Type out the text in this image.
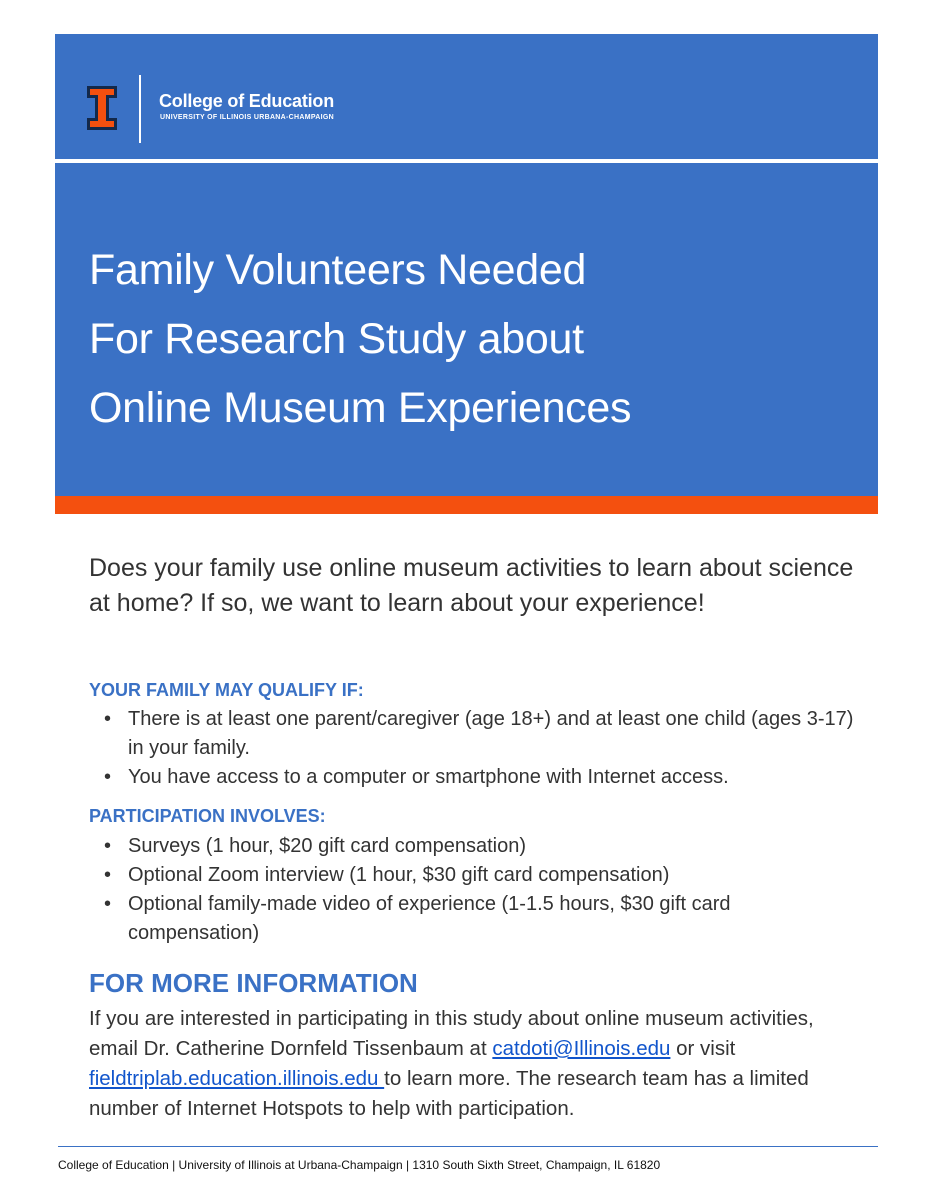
College of Education
UNIVERSITY OF ILLINOIS URBANA-CHAMPAIGN
Family Volunteers Needed
For Research Study about
Online Museum Experiences

Does your family use online museum activities to learn about science at home? If so, we want to learn about your experience!

YOUR FAMILY MAY QUALIFY IF:
• There is at least one parent/caregiver (age 18+) and at least one child (ages 3-17) in your family.
• You have access to a computer or smartphone with Internet access.
PARTICIPATION INVOLVES:
• Surveys (1 hour, $20 gift card compensation)
• Optional Zoom interview (1 hour, $30 gift card compensation)
• Optional family-made video of experience (1-1.5 hours, $30 gift card compensation)
FOR MORE INFORMATION

If you are interested in participating in this study about online museum activities, email Dr. Catherine Dornfeld Tissenbaum at catdoti@Illinois.edu or visit fieldtriplab.education.illinois.edu to learn more. The research team has a limited number of Internet Hotspots to help with participation.

College of Education | University of Illinois at Urbana-Champaign | 1310 South Sixth Street, Champaign, IL 61820
